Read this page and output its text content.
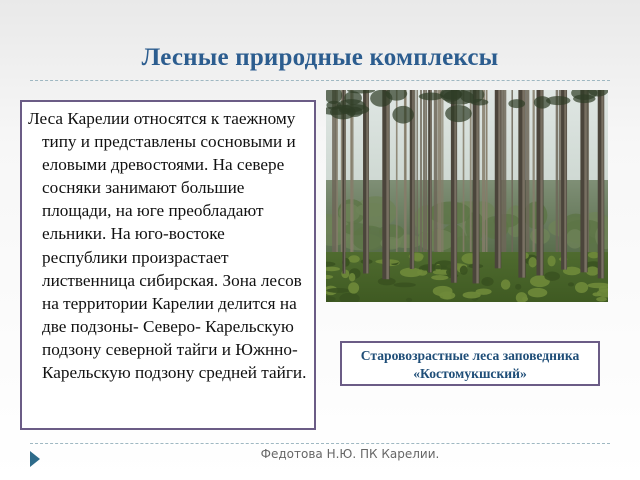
Лесные природные комплексы
Леса Карелии относятся к таежному типу и представлены сосновыми и еловыми древостоями. На севере сосняки занимают большие площади, на юге преобладают ельники. На юго-востоке республики произрастает лиственница сибирская. Зона лесов на территории Карелии делится на две подзоны- Северо- Карельскую подзону северной тайги и Южнно- Карельскую подзону средней тайги.
Старовозрастные леса заповедника «Костомукшский»
Федотова Н.Ю. ПК Карелии.
